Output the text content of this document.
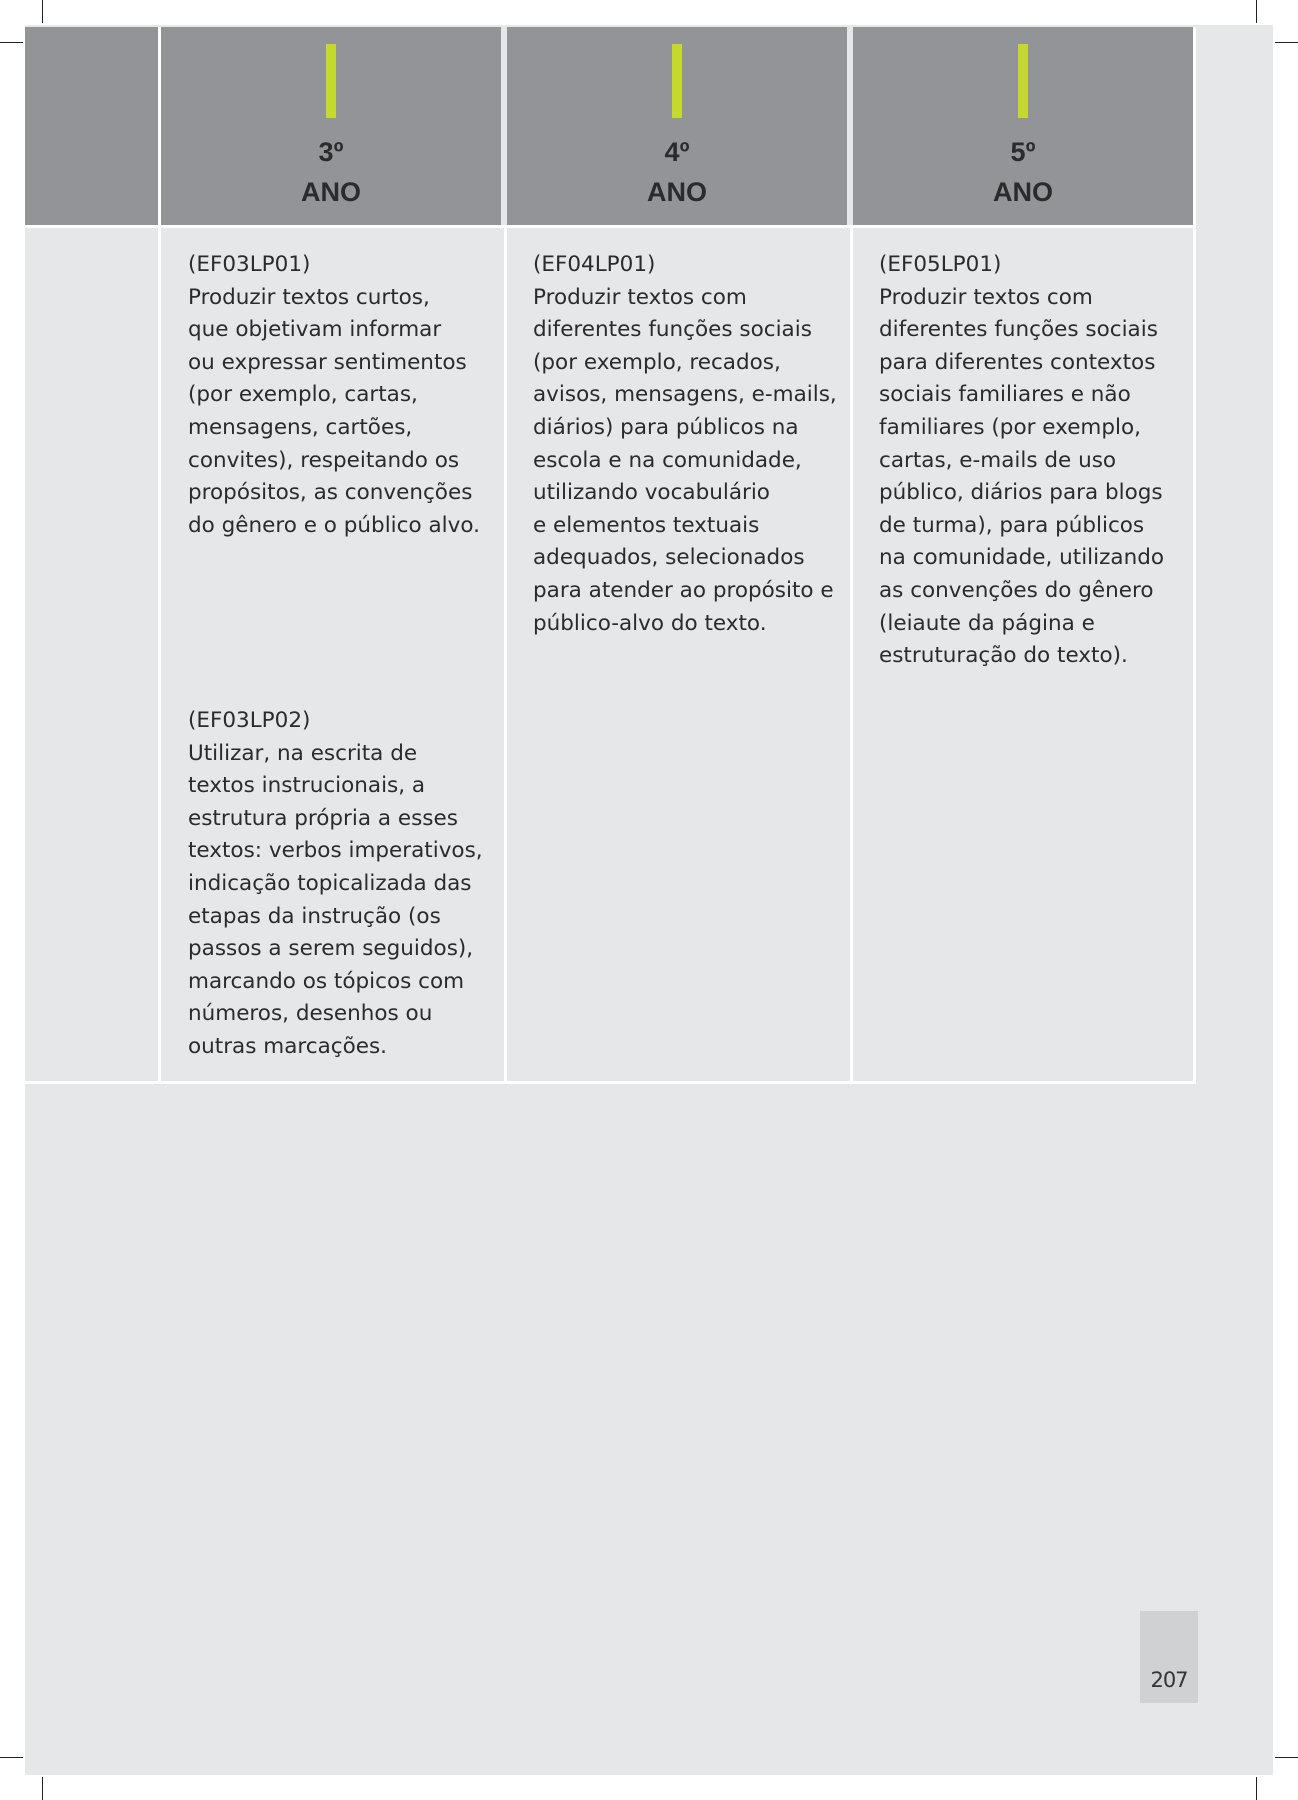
3º
ANO
4º
ANO
5º
ANO
(EF03LP01)
Produzir textos curtos,
que objetivam informar
ou expressar sentimentos
(por exemplo, cartas,
mensagens, cartões,
convites), respeitando os
propósitos, as convenções
do gênero e o público alvo.
(EF03LP02)
Utilizar, na escrita de
textos instrucionais, a
estrutura própria a esses
textos: verbos imperativos,
indicação topicalizada das
etapas da instrução (os
passos a serem seguidos),
marcando os tópicos com
números, desenhos ou
outras marcações.
(EF04LP01)
Produzir textos com
diferentes funções sociais
(por exemplo, recados,
avisos, mensagens, e-mails,
diários) para públicos na
escola e na comunidade,
utilizando vocabulário
e elementos textuais
adequados, selecionados
para atender ao propósito e
público-alvo do texto.
(EF05LP01)
Produzir textos com
diferentes funções sociais
para diferentes contextos
sociais familiares e não
familiares (por exemplo,
cartas, e-mails de uso
público, diários para blogs
de turma), para públicos
na comunidade, utilizando
as convenções do gênero
(leiaute da página e
estruturação do texto).
207
